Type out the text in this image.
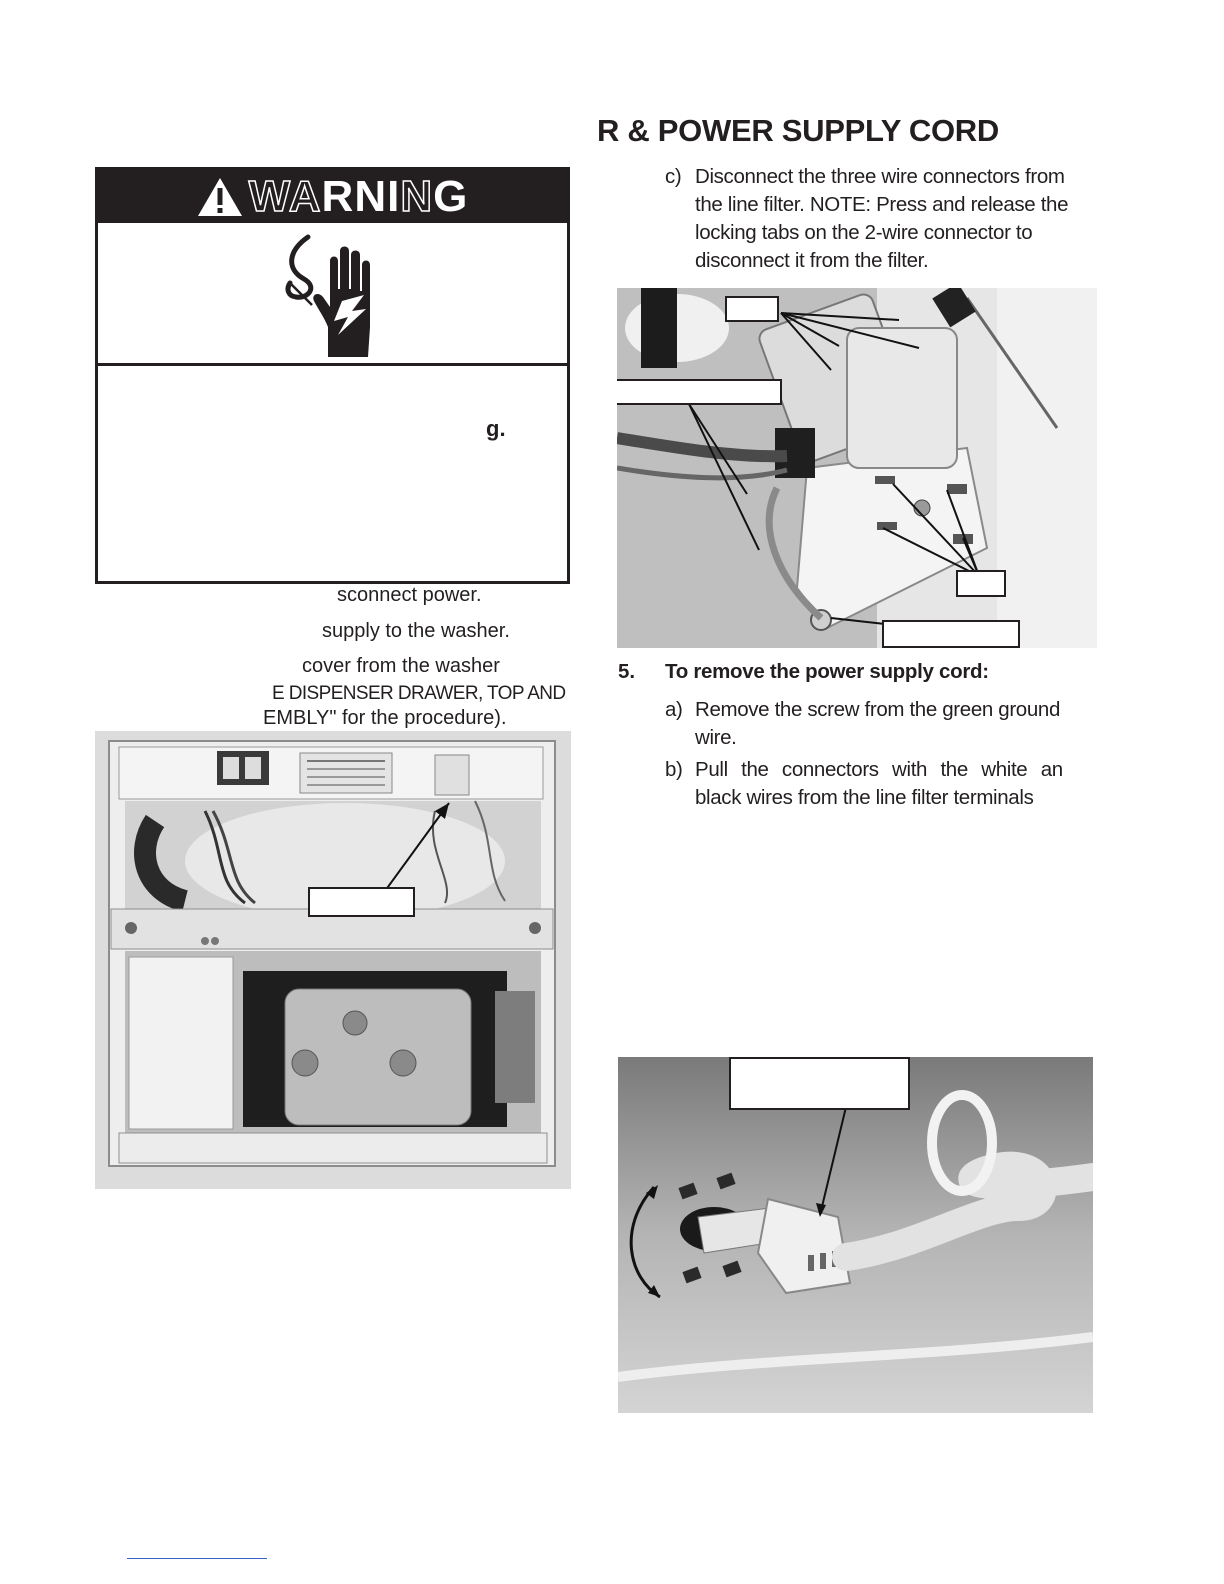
R & POWER SUPPLY CORD
WARNING
g.
sconnect power.
supply to the washer.
cover from the washer
E DISPENSER DRAWER, TOP AND
EMBLY" for the procedure).
c) Disconnect the three wire connectors from
the line filter. NOTE: Press and release the
locking tabs on the 2-wire connector to
disconnect it from the filter.
5. To remove the power supply cord:
a) Remove the screw from the green ground
wire.
b) Pull the connectors with the white an
black wires from the line filter terminals
